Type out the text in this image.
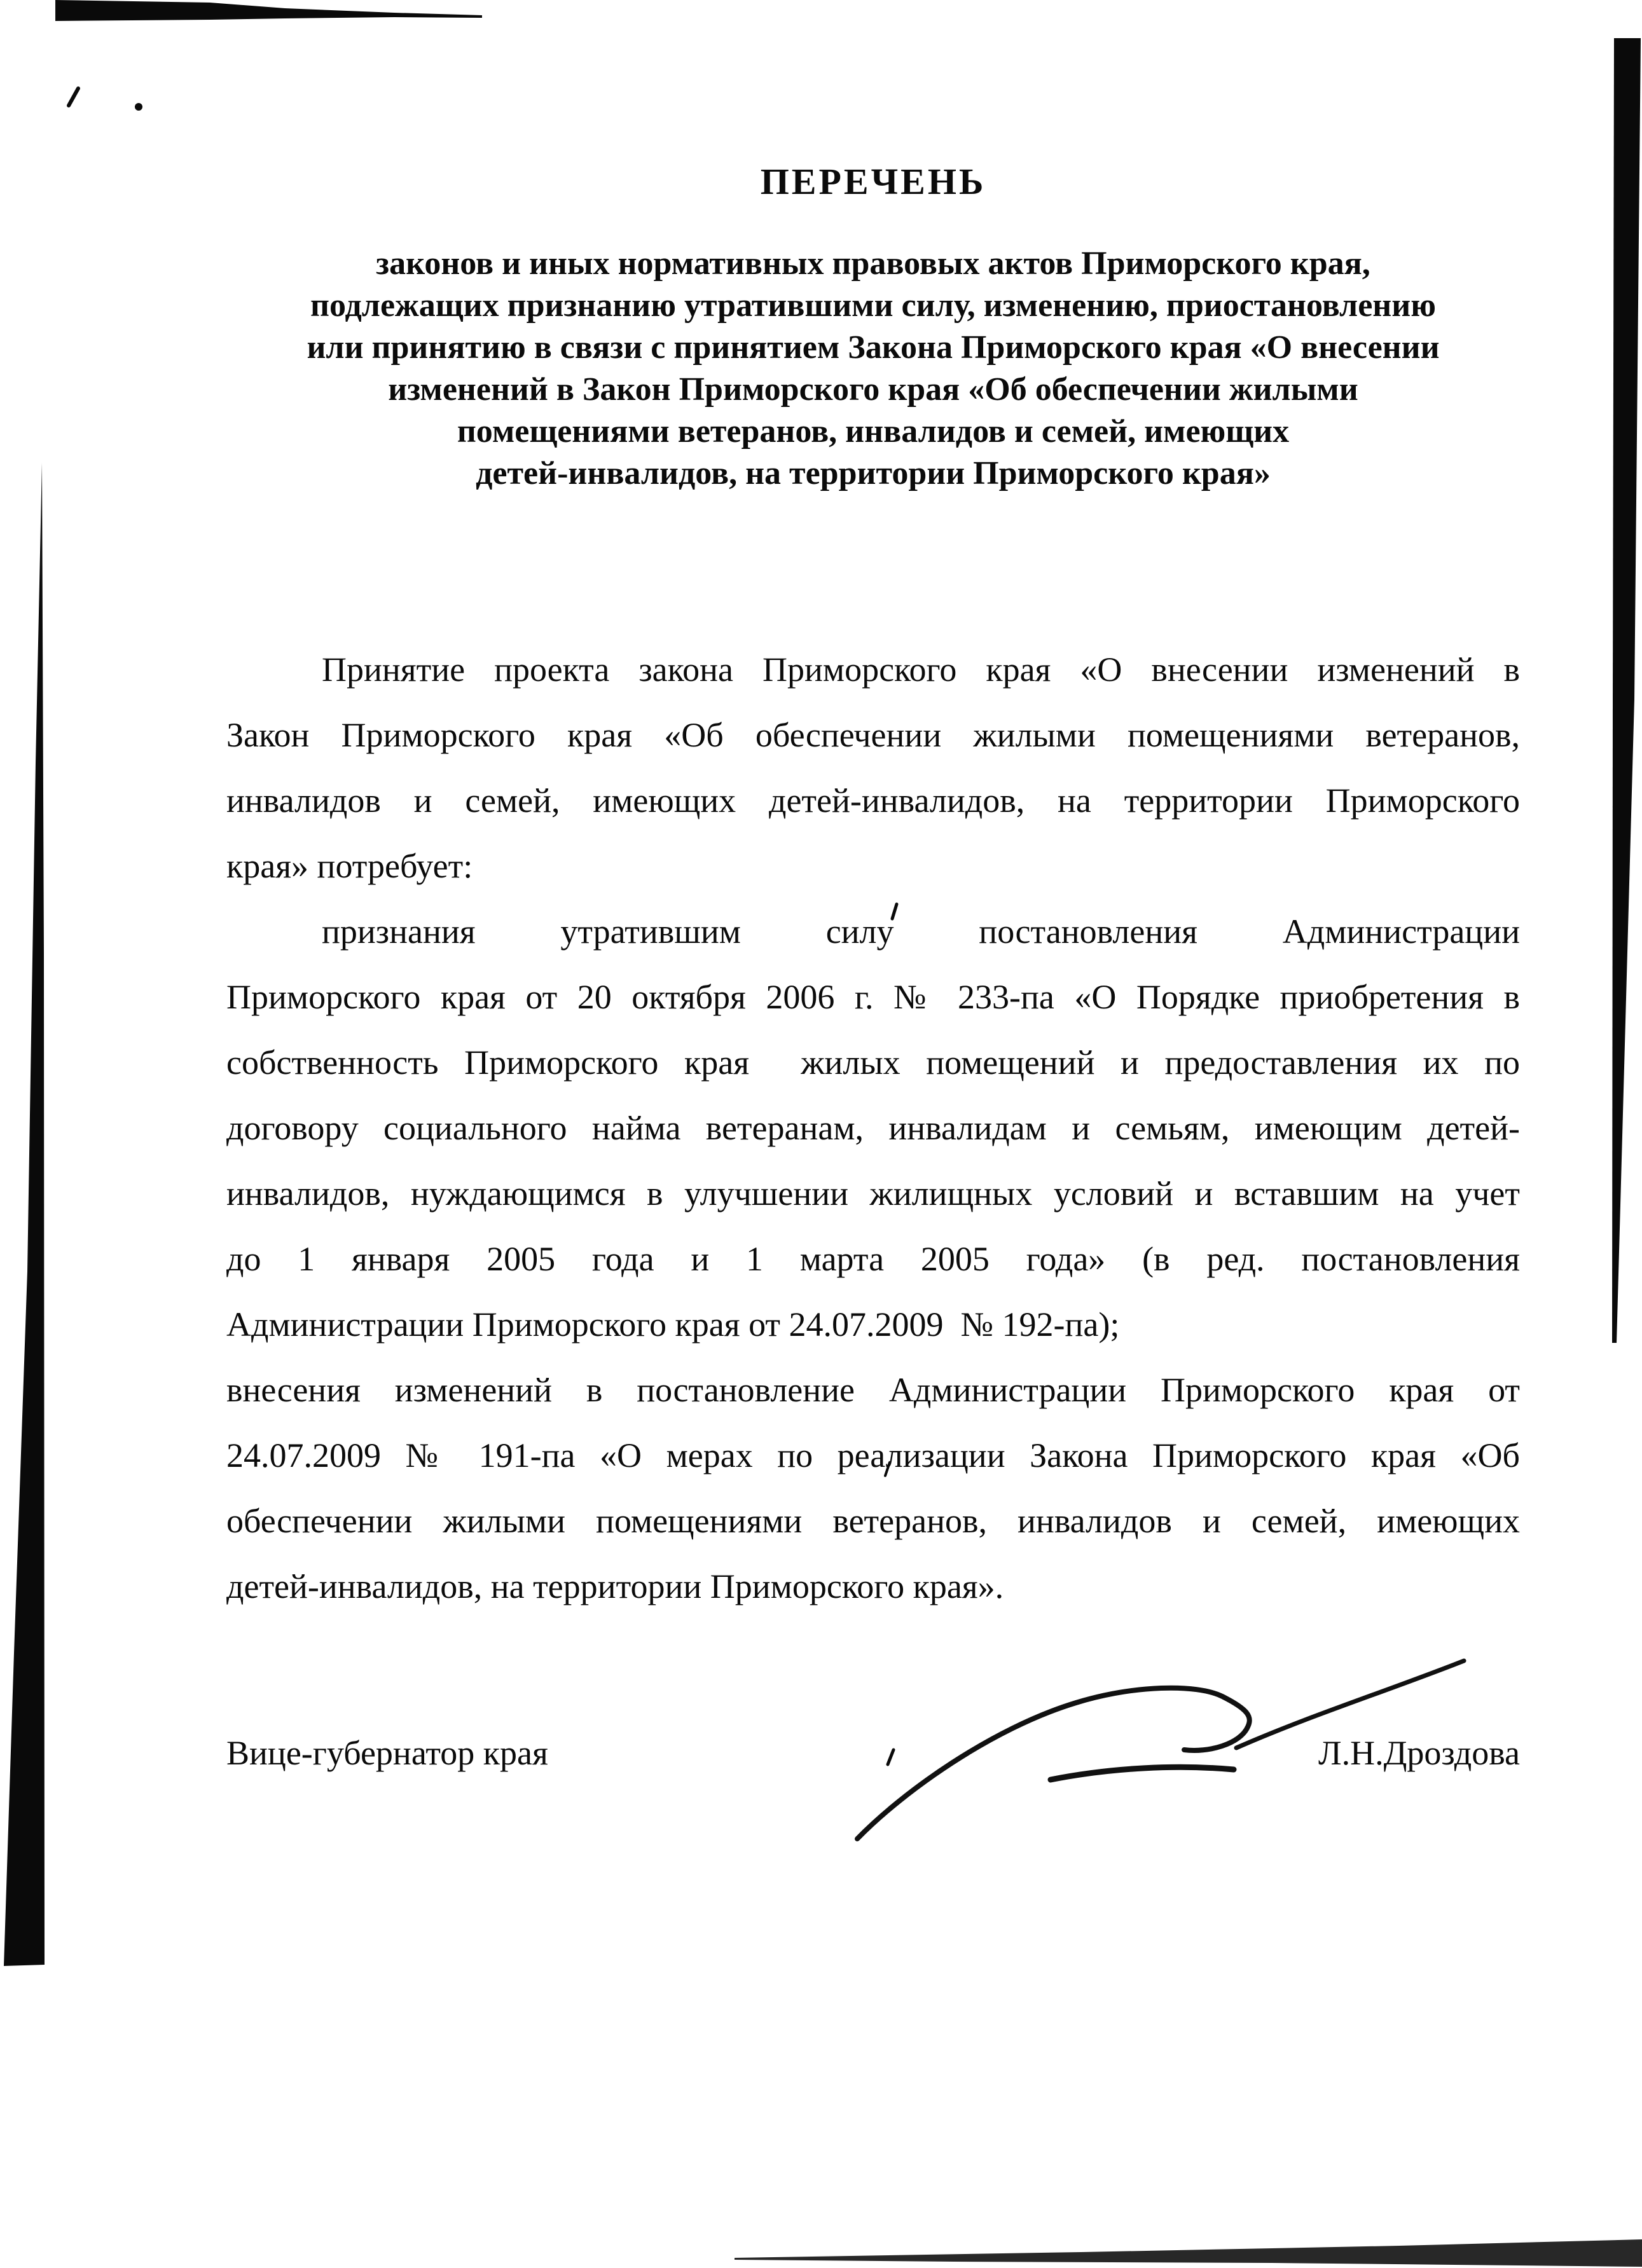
ПЕРЕЧЕНЬ
законов и иных нормативных правовых актов Приморского края,
подлежащих признанию утратившими силу, изменению, приостановлению
или принятию в связи с принятием Закона Приморского края «О внесении
изменений в Закон Приморского края «Об обеспечении жилыми
помещениями ветеранов, инвалидов и семей, имеющих
детей-инвалидов, на территории Приморского края»
Принятие проекта закона Приморского края «О внесении изменений в
Закон Приморского края «Об обеспечении жилыми помещениями ветеранов,
инвалидов и семей, имеющих детей-инвалидов, на территории Приморского
края» потребует:
признания утратившим силу постановления Администрации
Приморского края от 20 октября 2006 г. № 233-па «О Порядке приобретения в
собственность Приморского края  жилых помещений и предоставления их по
договору социального найма ветеранам, инвалидам и семьям, имеющим детей-
инвалидов, нуждающимся в улучшении жилищных условий и вставшим на учет
до 1 января 2005 года и 1 марта 2005 года» (в ред. постановления
Администрации Приморского края от 24.07.2009  № 192-па);
внесения изменений в постановление Администрации Приморского края от
24.07.2009 № 191-па «О мерах по реализации Закона Приморского края «Об
обеспечении жилыми помещениями ветеранов, инвалидов и семей, имеющих
детей-инвалидов, на территории Приморского края».
Вице-губернатор края	Л.Н.Дроздова
